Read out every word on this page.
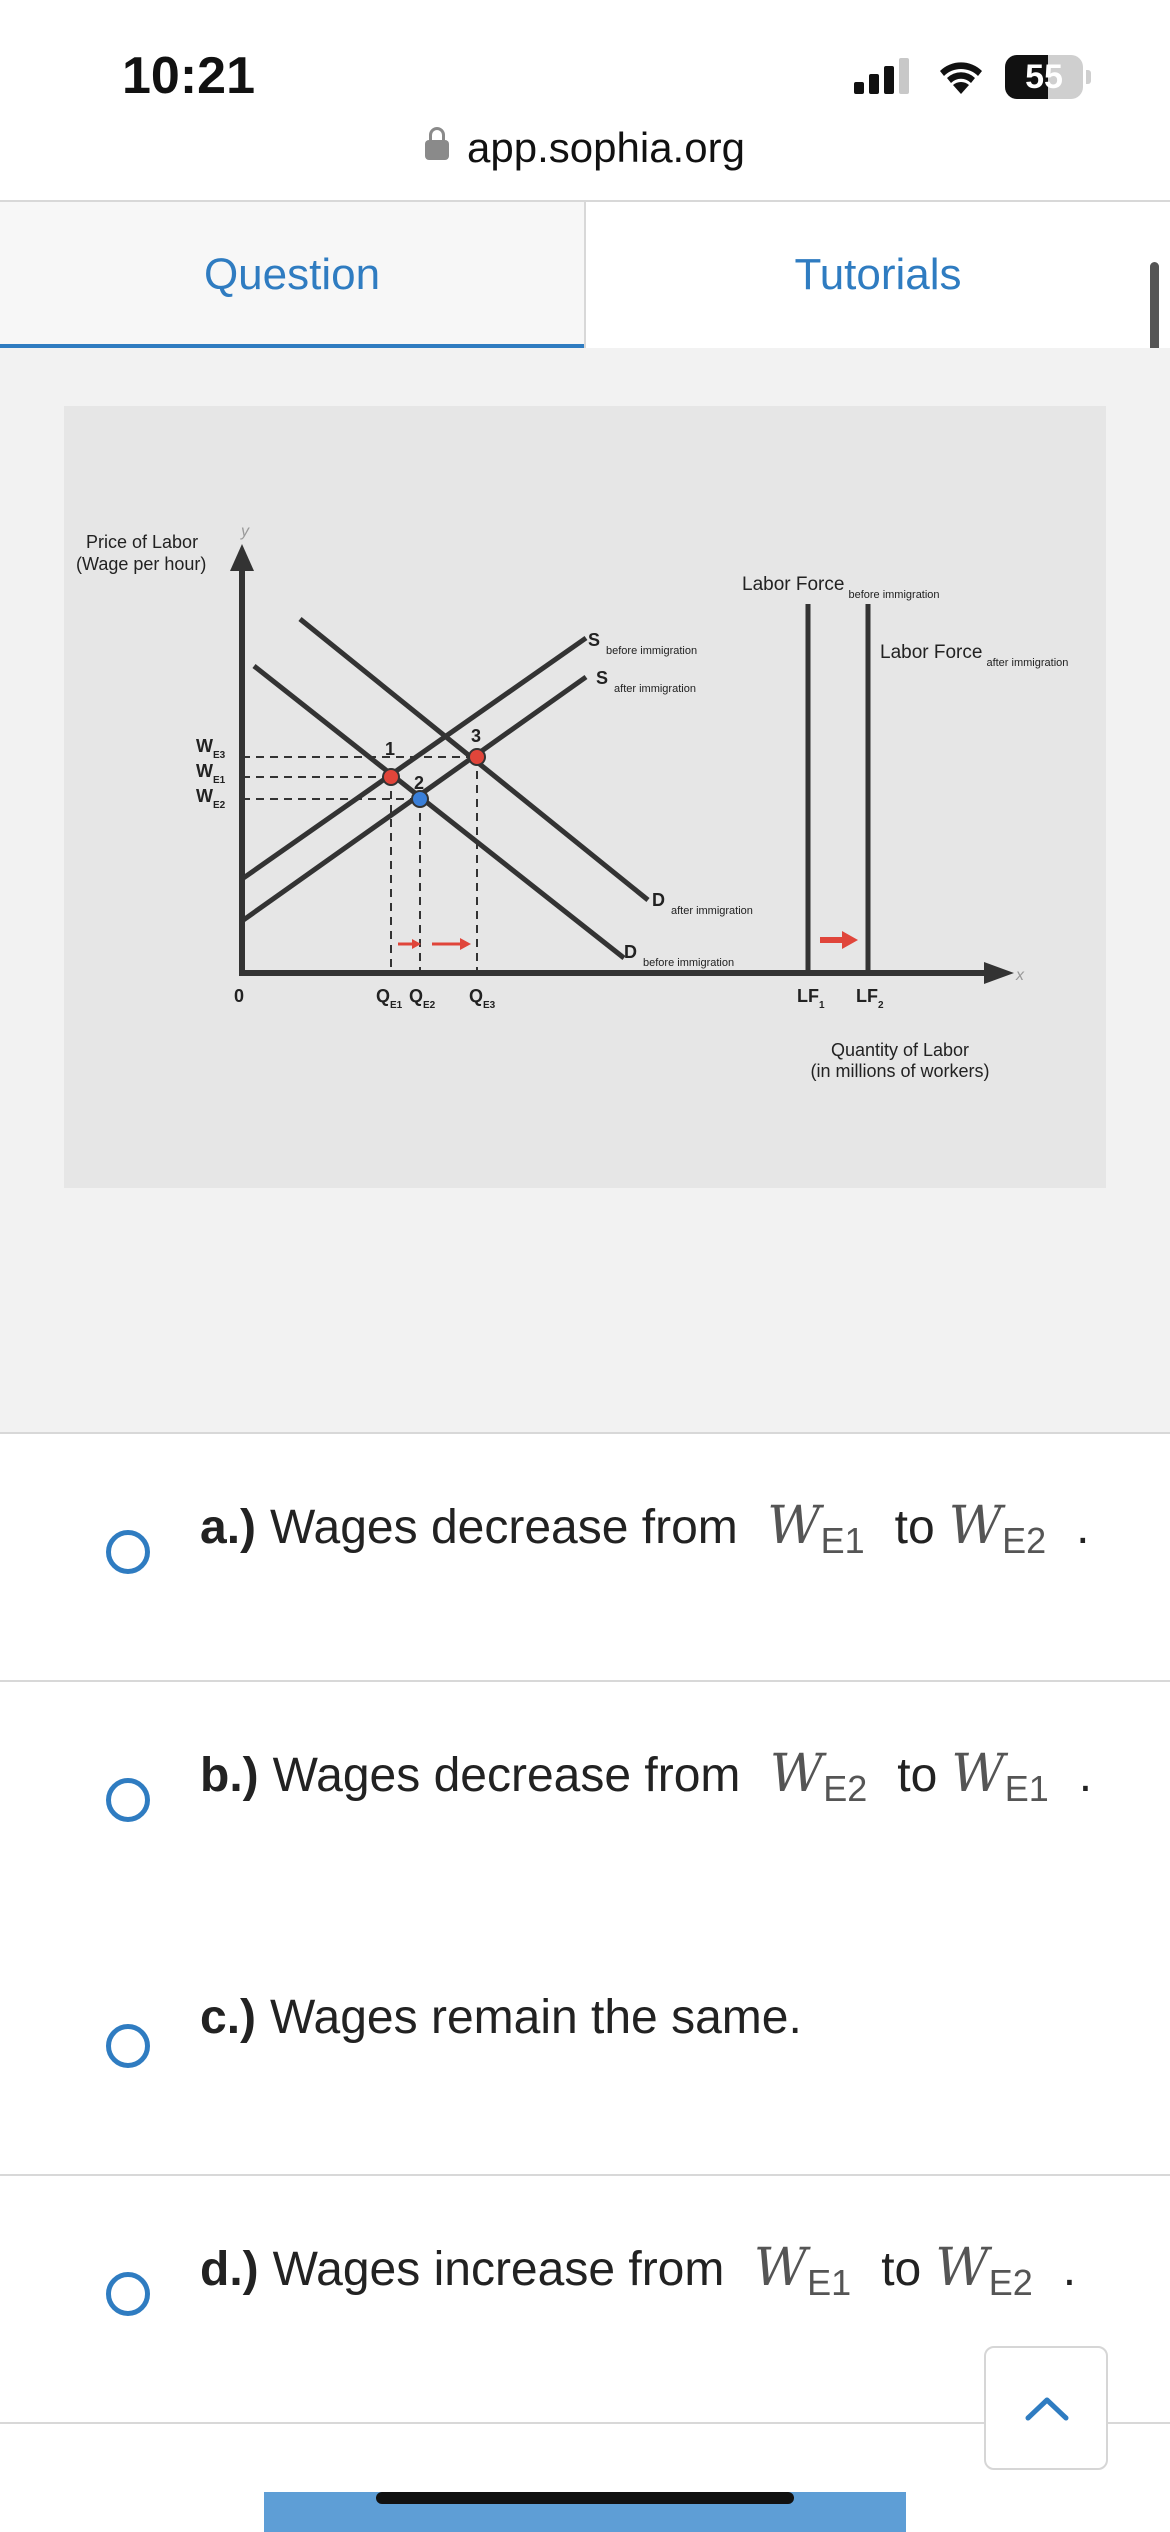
10:21	55
app.sophia.org
Question	Tutorials
y
x
Price of Labor
(Wage per hour)
0
1
2
3
$W_{E3}$
$W_{E1}$
$W_{E2}$
$Q_{E1}$ $Q_{E2}$ $Q_{E3}$
$S_{before immigration}$
$S_{after immigration}$
$D_{after immigration}$
$D_{before immigration}$
Labor Force $_{before immigration}$
Labor Force $_{after immigration}$
$LF_1$ $LF_2$
Quantity of Labor
(in millions of workers)
a.) Wages decrease from $W_{E1}$ to $W_{E2}$ .
b.) Wages decrease from $W_{E2}$ to $W_{E1}$ .
c.) Wages remain the same.
d.) Wages increase from $W_{E1}$ to $W_{E2}$ .
